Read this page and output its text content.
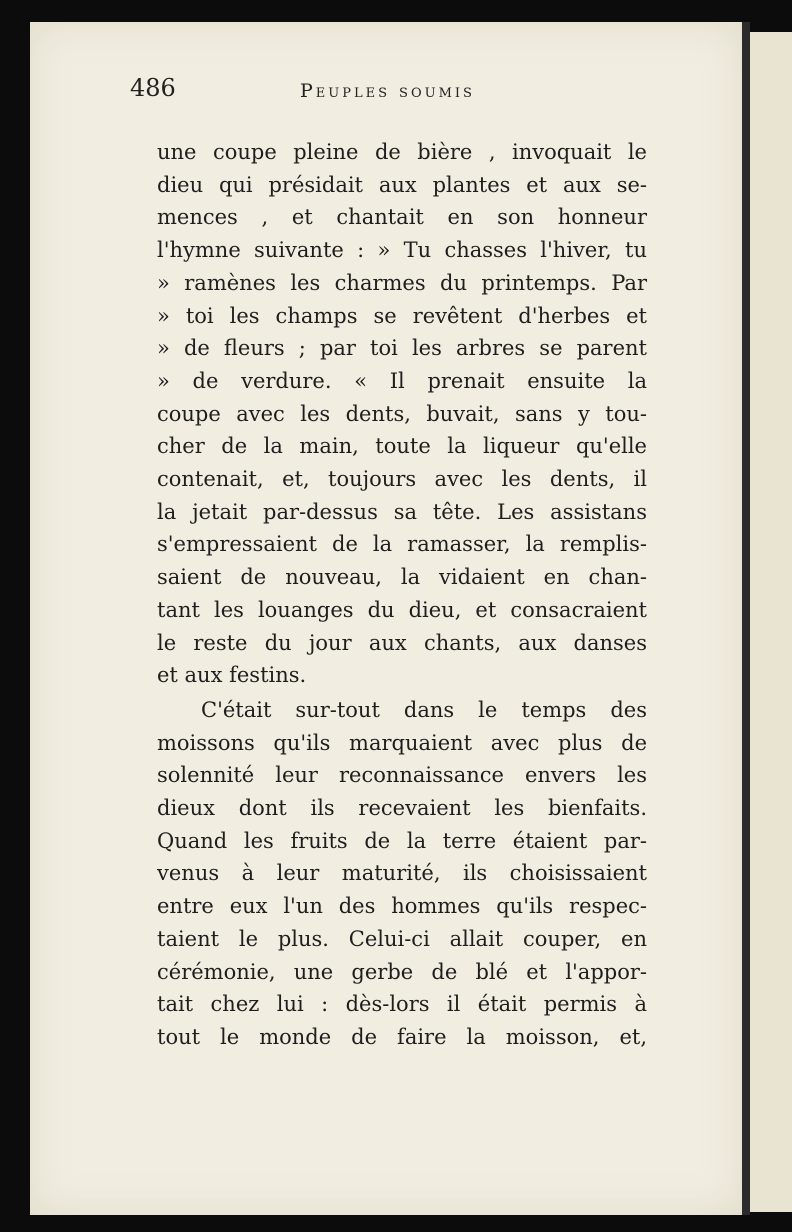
486	Peuples soumis

une coupe pleine de bière , invoquait le
dieu qui présidait aux plantes et aux se-
mences , et chantait en son honneur
l'hymne suivante : » Tu chasses l'hiver, tu
» ramènes les charmes du printemps. Par
» toi les champs se revêtent d'herbes et
» de fleurs ; par toi les arbres se parent
» de verdure. « Il prenait ensuite la
coupe avec les dents, buvait, sans y tou-
cher de la main, toute la liqueur qu'elle
contenait, et, toujours avec les dents, il
la jetait par-dessus sa tête. Les assistans
s'empressaient de la ramasser, la remplis-
saient de nouveau, la vidaient en chan-
tant les louanges du dieu, et consacraient
le reste du jour aux chants, aux danses
et aux festins.

C'était sur-tout dans le temps des
moissons qu'ils marquaient avec plus de
solennité leur reconnaissance envers les
dieux dont ils recevaient les bienfaits.
Quand les fruits de la terre étaient par-
venus à leur maturité, ils choisissaient
entre eux l'un des hommes qu'ils respec-
taient le plus. Celui-ci allait couper, en
cérémonie, une gerbe de blé et l'appor-
tait chez lui : dès-lors il était permis à
tout le monde de faire la moisson, et,
